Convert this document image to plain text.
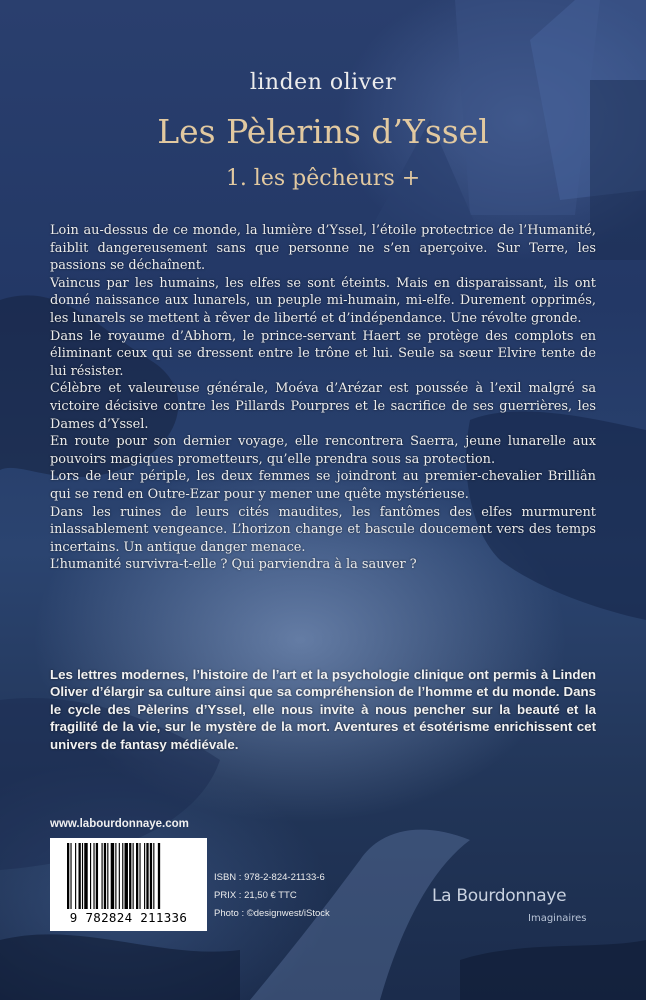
linden oliver
Les Pèlerins d’Yssel
1. les pêcheurs +

Loin au-dessus de ce monde, la lumière d’Yssel, l’étoile protectrice de l’Humanité, faiblit dangereusement sans que personne ne s’en aperçoive. Sur Terre, les passions se déchaînent.

Vaincus par les humains, les elfes se sont éteints. Mais en disparaissant, ils ont donné naissance aux lunarels, un peuple mi-humain, mi-elfe. Durement opprimés, les lunarels se mettent à rêver de liberté et d’indépendance. Une révolte gronde.

Dans le royaume d’Abhorn, le prince-servant Haert se protège des complots en éliminant ceux qui se dressent entre le trône et lui. Seule sa sœur Elvire tente de lui résister.

Célèbre et valeureuse générale, Moéva d’Arézar est poussée à l’exil malgré sa victoire décisive contre les Pillards Pourpres et le sacrifice de ses guerrières, les Dames d’Yssel.

En route pour son dernier voyage, elle rencontrera Saerra, jeune lunarelle aux pouvoirs magiques prometteurs, qu’elle prendra sous sa protection.

Lors de leur périple, les deux femmes se joindront au premier-chevalier Brilliân qui se rend en Outre-Ezar pour y mener une quête mystérieuse.

Dans les ruines de leurs cités maudites, les fantômes des elfes murmurent inlassablement vengeance. L’horizon change et bascule doucement vers des temps incertains. Un antique danger menace.

L’humanité survivra-t-elle ? Qui parviendra à la sauver ?

Les lettres modernes, l’histoire de l’art et la psychologie clinique ont permis à Linden Oliver d’élargir sa culture ainsi que sa compréhension de l’homme et du monde. Dans le cycle des Pèlerins d’Yssel, elle nous invite à nous pencher sur la beauté et la fragilité de la vie, sur le mystère de la mort. Aventures et ésotérisme enrichissent cet univers de fantasy médiévale.
www.labourdonnaye.com
9 782824 211336
ISBN : 978-2-824-21133-6
PRIX : 21,50 € TTC
Photo : ©designwest/iStock
La Bourdonnaye
Imaginaires
